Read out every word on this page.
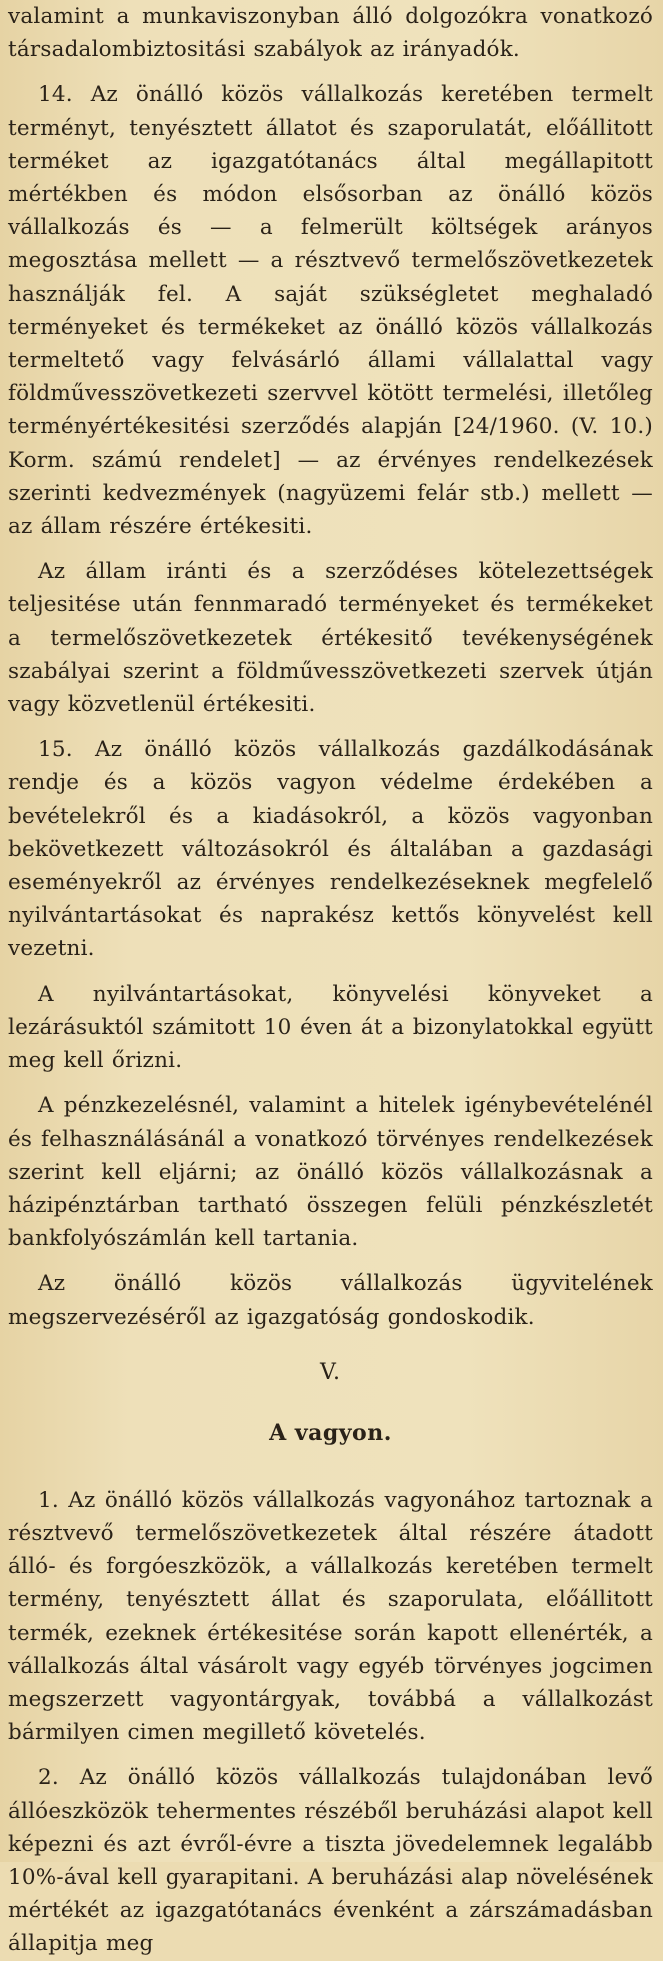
valamint a munkaviszonyban álló dolgozókra vonatkozó társadalombiztositási szabályok az irányadók.

14. Az önálló közös vállalkozás keretében termelt terményt, tenyésztett állatot és szaporulatát, előállitott terméket az igazgatótanács által megállapitott mértékben és módon elsősorban az önálló közös vállalkozás és — a felmerült költségek arányos megosztása mellett — a résztvevő termelőszövetkezetek használják fel. A saját szükségletet meghaladó terményeket és termékeket az önálló közös vállalkozás termeltető vagy felvásárló állami vállalattal vagy földművesszövetkezeti szervvel kötött termelési, illetőleg terményértékesitési szerződés alapján [24/1960. (V. 10.) Korm. számú rendelet] — az érvényes rendelkezések szerinti kedvezmények (nagyüzemi felár stb.) mellett — az állam részére értékesiti.

Az állam iránti és a szerződéses kötelezettségek teljesitése után fennmaradó terményeket és termékeket a termelőszövetkezetek értékesitő tevékenységének szabályai szerint a földművesszövetkezeti szervek útján vagy közvetlenül értékesiti.

15. Az önálló közös vállalkozás gazdálkodásának rendje és a közös vagyon védelme érdekében a bevételekről és a kiadásokról, a közös vagyonban bekövetkezett változásokról és általában a gazdasági eseményekről az érvényes rendelkezéseknek megfelelő nyilvántartásokat és naprakész kettős könyvelést kell vezetni.

A nyilvántartásokat, könyvelési könyveket a lezárásuktól számitott 10 éven át a bizonylatokkal együtt meg kell őrizni.

A pénzkezelésnél, valamint a hitelek igénybevételénél és felhasználásánál a vonatkozó törvényes rendelkezések szerint kell eljárni; az önálló közös vállalkozásnak a házipénztárban tartható összegen felüli pénzkészletét bankfolyószámlán kell tartania.

Az önálló közös vállalkozás ügyvitelének megszervezéséről az igazgatóság gondoskodik.

V.
A vagyon.

1. Az önálló közös vállalkozás vagyonához tartoznak a résztvevő termelőszövetkezetek által részére átadott álló- és forgóeszközök, a vállalkozás keretében termelt termény, tenyésztett állat és szaporulata, előállitott termék, ezeknek értékesitése során kapott ellenérték, a vállalkozás által vásárolt vagy egyéb törvényes jogcimen megszerzett vagyontárgyak, továbbá a vállalkozást bármilyen cimen megillető követelés.

2. Az önálló közös vállalkozás tulajdonában levő állóeszközök tehermentes részéből beruházási alapot kell képezni és azt évről-évre a tiszta jövedelemnek legalább 10%-ával kell gyarapitani. A beruházási alap növelésének mértékét az igazgatótanács évenként a zárszámadásban állapitja meg
